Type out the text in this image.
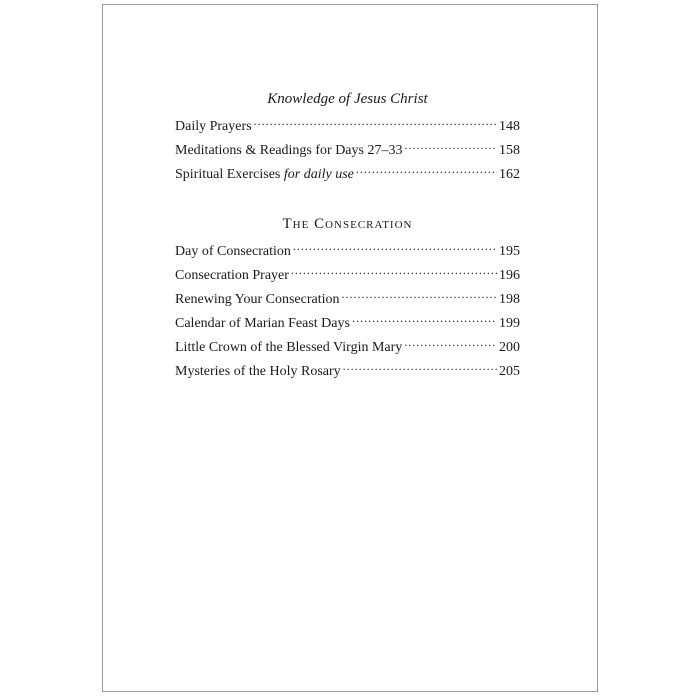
Knowledge of Jesus Christ
Daily Prayers .....	148
Meditations & Readings for Days 27–33 .....	158
Spiritual Exercises for daily use .....	162
The Consecration
Day of Consecration .....	195
Consecration Prayer .....	196
Renewing Your Consecration .....	198
Calendar of Marian Feast Days .....	199
Little Crown of the Blessed Virgin Mary .....	200
Mysteries of the Holy Rosary .....	205
